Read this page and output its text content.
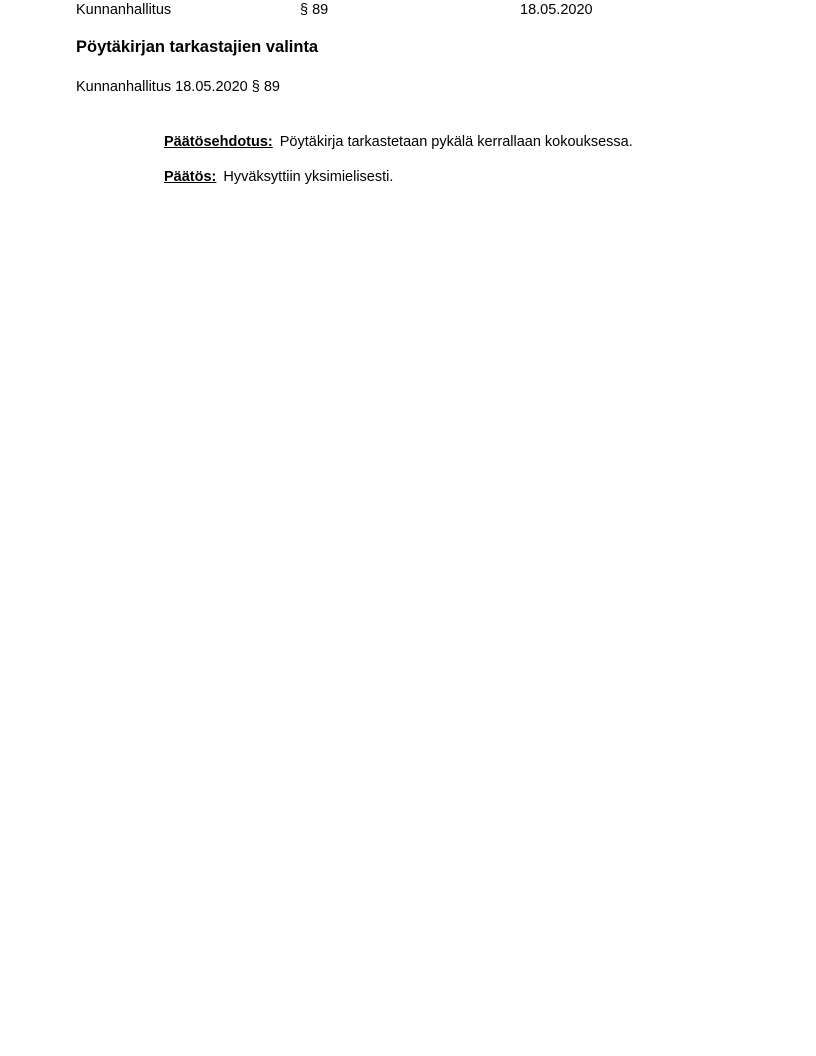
Kunnanhallitus	§ 89	18.05.2020
Pöytäkirjan tarkastajien valinta
Kunnanhallitus 18.05.2020 § 89
Päätösehdotus: Pöytäkirja tarkastetaan pykälä kerrallaan kokouksessa.
Päätös: Hyväksyttiin yksimielisesti.
